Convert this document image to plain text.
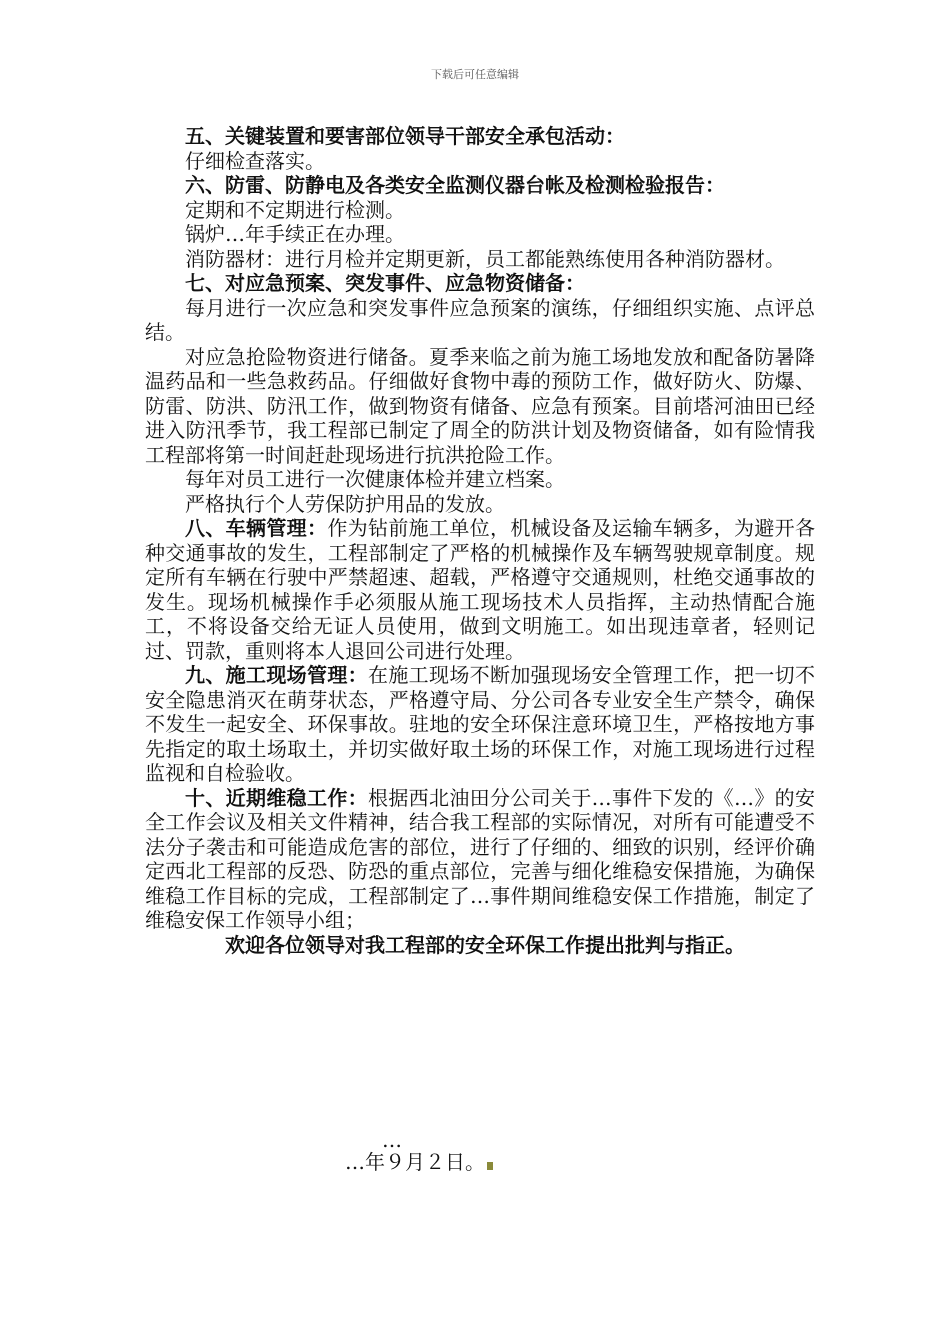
下载后可任意编辑

五、关键装置和要害部位领导干部安全承包活动：

仔细检查落实。

六、防雷、防静电及各类安全监测仪器台帐及检测检验报告：

定期和不定期进行检测。

锅炉…年手续正在办理。

消防器材：进行月检并定期更新，员工都能熟练使用各种消防器材。

七、对应急预案、突发事件、应急物资储备：

每月进行一次应急和突发事件应急预案的演练，仔细组织实施、点评总结。

对应急抢险物资进行储备。夏季来临之前为施工场地发放和配备防暑降温药品和一些急救药品。仔细做好食物中毒的预防工作，做好防火、防爆、防雷、防洪、防汛工作，做到物资有储备、应急有预案。目前塔河油田已经进入防汛季节，我工程部已制定了周全的防洪计划及物资储备，如有险情我工程部将第一时间赶赴现场进行抗洪抢险工作。

每年对员工进行一次健康体检并建立档案。

严格执行个人劳保防护用品的发放。

八、车辆管理：作为钻前施工单位，机械设备及运输车辆多，为避开各种交通事故的发生，工程部制定了严格的机械操作及车辆驾驶规章制度。规定所有车辆在行驶中严禁超速、超载，严格遵守交通规则，杜绝交通事故的发生。现场机械操作手必须服从施工现场技术人员指挥，主动热情配合施工，不将设备交给无证人员使用，做到文明施工。如出现违章者，轻则记过、罚款，重则将本人退回公司进行处理。

九、施工现场管理：在施工现场不断加强现场安全管理工作，把一切不安全隐患消灭在萌芽状态，严格遵守局、分公司各专业安全生产禁令，确保不发生一起安全、环保事故。驻地的安全环保注意环境卫生，严格按地方事先指定的取土场取土，并切实做好取土场的环保工作，对施工现场进行过程监视和自检验收。

十、近期维稳工作：根据西北油田分公司关于…事件下发的《…》的安全工作会议及相关文件精神，结合我工程部的实际情况，对所有可能遭受不法分子袭击和可能造成危害的部位，进行了仔细的、细致的识别，经评价确定西北工程部的反恐、防恐的重点部位，完善与细化维稳安保措施，为确保维稳工作目标的完成，工程部制定了…事件期间维稳安保工作措施，制定了维稳安保工作领导小组；

欢迎各位领导对我工程部的安全环保工作提出批判与指正。

…
…年９月２日。
